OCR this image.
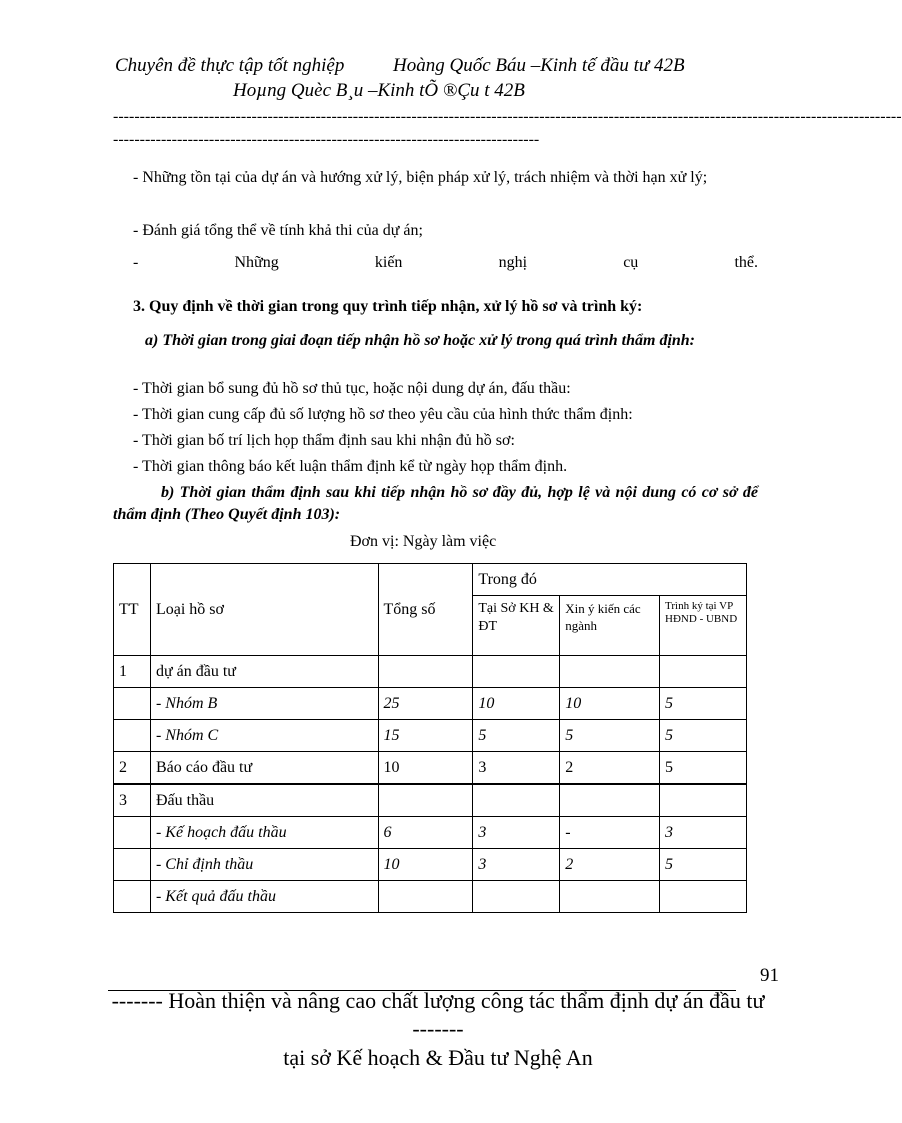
Chuyên đề thực tập tốt nghiệp	Hoàng Quốc Báu –Kinh tế đầu tư 42B
Hoµng Quèc B¸u –Kinh tÕ ®Çu t 42B
----------------------------------------------------------------------------------------------------------------------------------------------------
--------------------------------------------------------------------------------
- Những tồn tại của dự án và hướng xử lý, biện pháp xử lý, trách nhiệm và thời hạn xử lý;
- Đánh giá tổng thể về tính khả thi của dự án;
-	Những	kiến	nghị	cụ	thể.
3. Quy định về thời gian trong quy trình tiếp nhận, xử lý hồ sơ và trình ký:
a) Thời gian trong giai đoạn tiếp nhận hồ sơ hoặc xử lý trong quá trình thẩm định:
- Thời gian bổ sung đủ hồ sơ thủ tục, hoặc nội dung dự án, đấu thầu:
- Thời gian cung cấp đủ số lượng hồ sơ theo yêu cầu của hình thức thẩm định:
- Thời gian bố trí lịch họp thẩm định sau khi nhận đủ hồ sơ:
- Thời gian thông báo kết luận thẩm định kể từ ngày họp thẩm định.
b) Thời gian thẩm định sau khi tiếp nhận hồ sơ đầy đủ, hợp lệ và nội dung có cơ sở để thẩm định (Theo Quyết định 103):
Đơn vị: Ngày làm việc
TT	Loại hồ sơ	Tổng số	Trong đó		
			Tại Sở KH & ĐT	Xin ý kiến các ngành	Trình ký tại VP HĐND - UBND
1	dự án đầu tư				
	- Nhóm B	25	10	10	5
	- Nhóm C	15	5	5	5
2	Báo cáo đầu tư	10	3	2	5
3	Đấu thầu				
	- Kế hoạch đấu thầu	6	3	-	3
	- Chỉ định thầu	10	3	2	5
	- Kết quả đấu thầu				
91
------- Hoàn thiện và nâng cao chất lượng công tác thẩm định dự án đầu tư -------
tại sở Kế hoạch & Đầu tư Nghệ An
